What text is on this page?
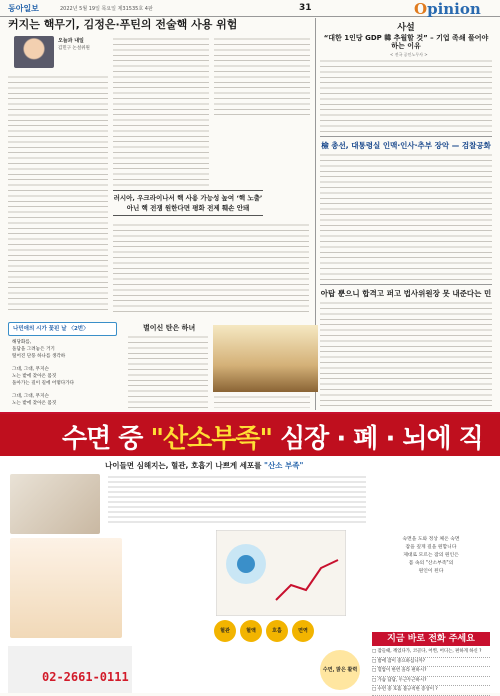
동아일보	2022년 5월 19일 목요일 제31535호 4판	31	Opinion
커지는 핵무기, 김정은·푸틴의 전술핵 사용 위험
오늘과 내일
김민구 논설위원
러시아, 우크라이나서 핵 사용 가능성 높여 ‘핵 노출’ 아닌 핵 전쟁 원한다면 평화 전제 훼손 안돼
사설
“대한 1인당 GDP 韓 추월할 것” – 기업 족쇄 풀어야 하는 이유
< 전국 공인노무사 >
檢 총선, 대통령실 인맥·인사·추부 장악 — 검찰공화
아탑 뿐으니 합격고 퍼고 법사위원장 못 내준다는 민
나민애의 시가 꽃핀 날 〈2번〉
해당화를,
돌담을 그려놓은 거기
떨어진 단풍 하나를 생각하

그대, 그대, 무지슨
노는 밭에 찾아온 몸짓
돌아가는 길이 길에 어떻다가다

그대, 그대, 무지슨
노는 밭에 찾아온 몸짓
별이신 탄은 하녀
수면 중 "산소부족" 심장 · 폐 · 뇌에 직
나이들면 심해지는, 혈관, 호흡기 나쁘게 세포를 "산소 부족"
숙면을 도와 정상 체온 숙면
잠을 깊게 길을 원합니다
제대로 모르는 잠의 원인은
몸 속의 "산소부족"의
원인이 된다
혈관	혈액	호흡	면역
수면, 맑은 활력
02-2661-0111
지금 바로 전화 주세요
□ 잠들때, 깨었다가, 코골다, 어쩐, 어디는, 편하게 하신 ?
□ 밤에 잠이 중요하십니까?
□ 혈압이 한번 올라 편하시?
□ 가슴 답답, 두근두근하시?
□ 수면 중 호흡 불규칙한 증상이 ?
